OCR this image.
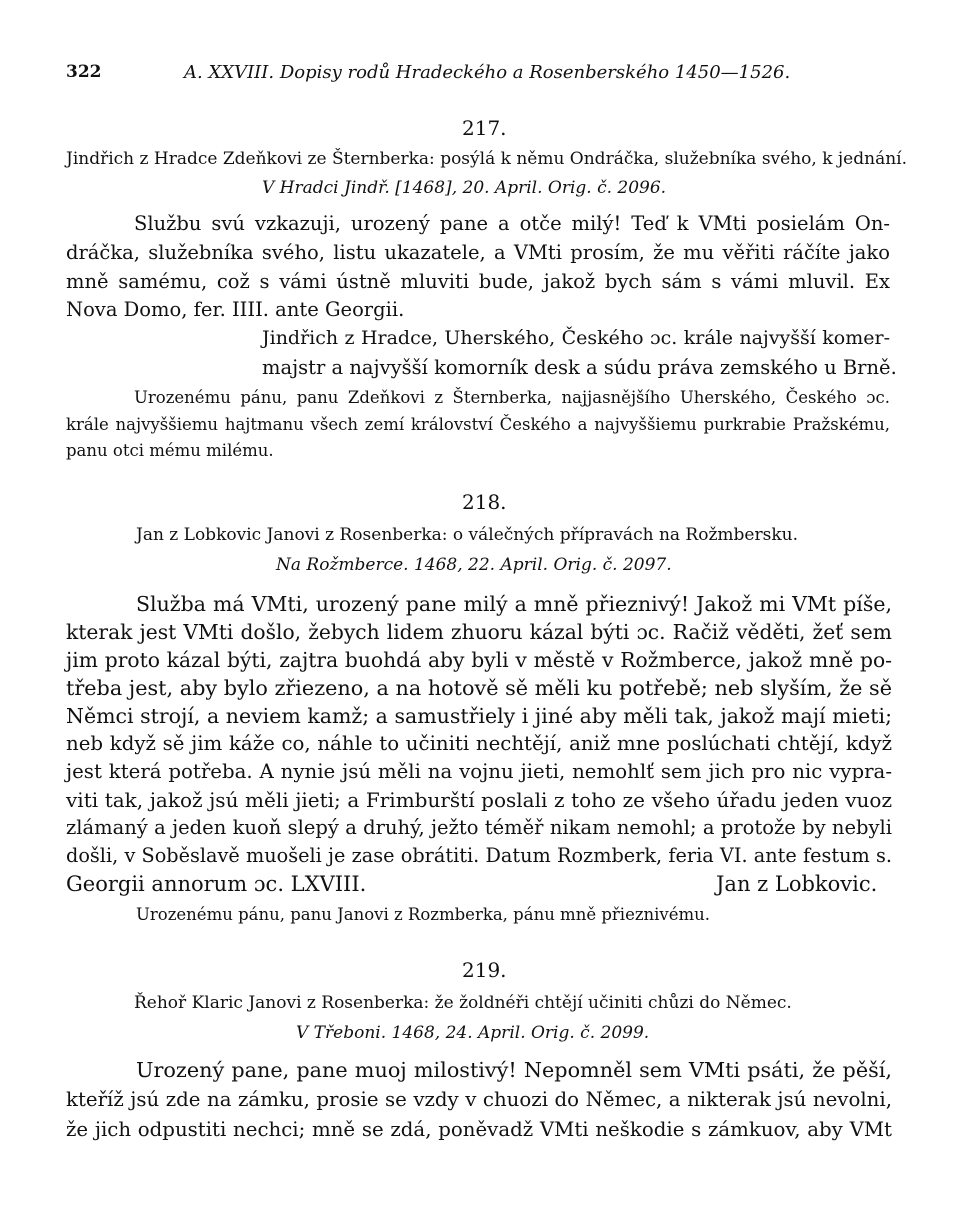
322	A. XXVIII. Dopisy rodů Hradeckého a Rosenberského 1450—1526.
217.
Jindřich z Hradce Zdeňkovi ze Šternberka: posýlá k němu Ondráčka, služebníka svého, k jednání.
V Hradci Jindř. [1468], 20. April. Orig. č. 2096.
Službu svú vzkazuji, urozený pane a otče milý! Teď k VMti posielám On-
dráčka, služebníka svého, listu ukazatele, a VMti prosím, že mu věřiti ráčíte jako
mně samému, což s vámi ústně mluviti bude, jakož bych sám s vámi mluvil. Ex
Nova Domo, fer. IIII. ante Georgii.
Jindřich z Hradce, Uherského, Českého ɔc. krále najvyšší komer-
majstr a najvyšší komorník desk a súdu práva zemského u Brně.
Urozenému pánu, panu Zdeňkovi z Šternberka, najjasnějšího Uherského, Českého ɔc.
krále najvyššiemu hajtmanu všech zemí království Českého a najvyššiemu purkrabie Pražskému,
panu otci mému milému.
218.
Jan z Lobkovic Janovi z Rosenberka: o válečných přípravách na Rožmbersku.
Na Rožmberce. 1468, 22. April. Orig. č. 2097.
Služba má VMti, urozený pane milý a mně přieznivý! Jakož mi VMt píše,
kterak jest VMti došlo, žebych lidem zhuoru kázal býti ɔc. Račiž věděti, žeť sem
jim proto kázal býti, zajtra buohdá aby byli v městě v Rožmberce, jakož mně po-
třeba jest, aby bylo zřiezeno, a na hotově sě měli ku potřebě; neb slyším, že sě
Němci strojí, a neviem kamž; a samustřiely i jiné aby měli tak, jakož mají mieti;
neb když sě jim káže co, náhle to učiniti nechtějí, aniž mne poslúchati chtějí, když
jest která potřeba. A nynie jsú měli na vojnu jieti, nemohlť sem jich pro nic vypra-
viti tak, jakož jsú měli jieti; a Frimburští poslali z toho ze všeho úřadu jeden vuoz
zlámaný a jeden kuoň slepý a druhý, ježto téměř nikam nemohl; a protože by nebyli
došli, v Soběslavě muošeli je zase obrátiti. Datum Rozmberk, feria VI. ante festum s.
Georgii annorum ɔc. LXVIII.	Jan z Lobkovic.
Urozenému pánu, panu Janovi z Rozmberka, pánu mně přieznivému.
219.
Řehoř Klaric Janovi z Rosenberka: že žoldnéři chtějí učiniti chůzi do Němec.
V Třeboni. 1468, 24. April. Orig. č. 2099.
Urozený pane, pane muoj milostivý! Nepomněl sem VMti psáti, že pěší,
kteříž jsú zde na zámku, prosie se vzdy v chuozi do Němec, a nikterak jsú nevolni,
že jich odpustiti nechci; mně se zdá, poněvadž VMti neškodie s zámkuov, aby VMt
